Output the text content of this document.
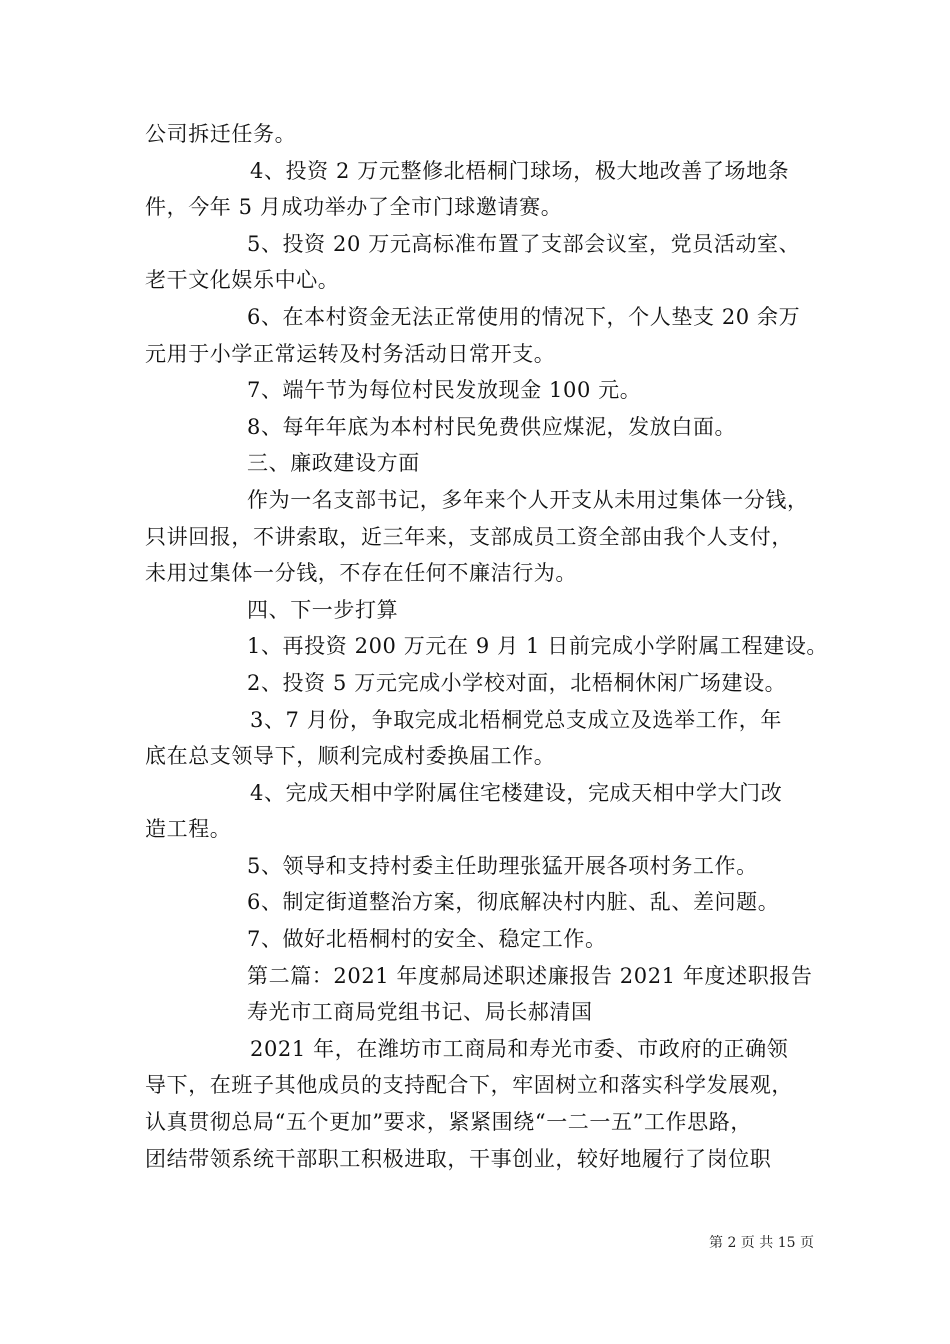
公司拆迁任务。
4、投资 2 万元整修北梧桐门球场，极大地改善了场地条
件，今年 5 月成功举办了全市门球邀请赛。
5、投资 20 万元高标准布置了支部会议室，党员活动室、
老干文化娱乐中心。
6、在本村资金无法正常使用的情况下，个人垫支 20 余万
元用于小学正常运转及村务活动日常开支。
7、端午节为每位村民发放现金 100 元。
8、每年年底为本村村民免费供应煤泥，发放白面。
三、廉政建设方面
作为一名支部书记，多年来个人开支从未用过集体一分钱，
只讲回报，不讲索取，近三年来，支部成员工资全部由我个人支付，
未用过集体一分钱，不存在任何不廉洁行为。
四、下一步打算
1、再投资 200 万元在 9 月 1 日前完成小学附属工程建设。
2、投资 5 万元完成小学校对面，北梧桐休闲广场建设。
3、7 月份，争取完成北梧桐党总支成立及选举工作，年
底在总支领导下，顺利完成村委换届工作。
4、完成天相中学附属住宅楼建设，完成天相中学大门改
造工程。
5、领导和支持村委主任助理张猛开展各项村务工作。
6、制定街道整治方案，彻底解决村内脏、乱、差问题。
7、做好北梧桐村的安全、稳定工作。
第二篇：2021 年度郝局述职述廉报告 2021 年度述职报告
寿光市工商局党组书记、局长郝清国
2021 年，在潍坊市工商局和寿光市委、市政府的正确领
导下，在班子其他成员的支持配合下，牢固树立和落实科学发展观，
认真贯彻总局“五个更加”要求，紧紧围绕“一二一五”工作思路，
团结带领系统干部职工积极进取，干事创业，较好地履行了岗位职
第 2 页 共 15 页
